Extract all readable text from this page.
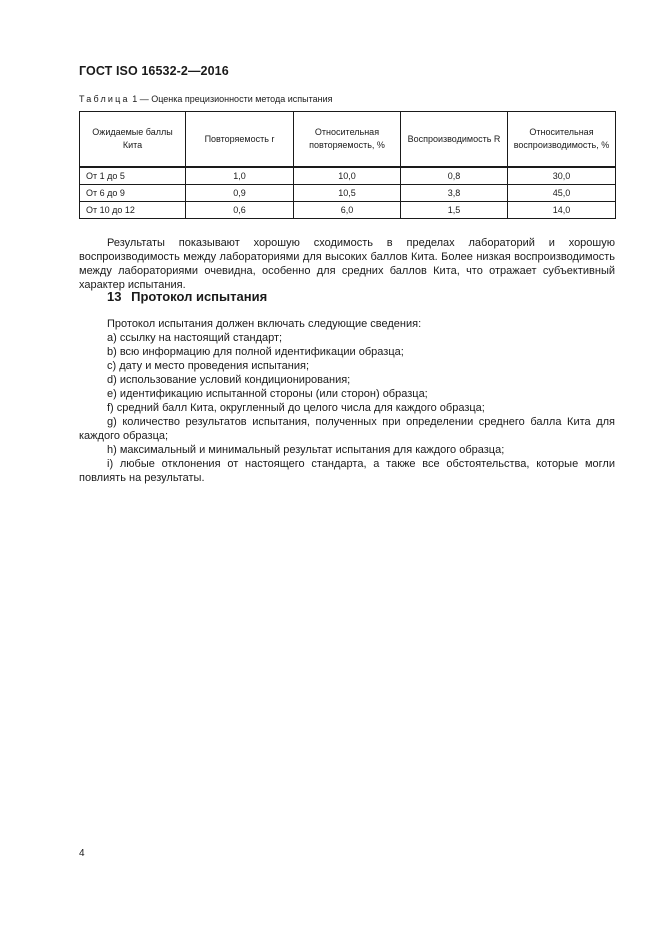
ГОСТ ISO 16532-2—2016
Таблица 1 — Оценка прецизионности метода испытания
Ожидаемые баллы Кита	Повторяемость r	Относительная повторяемость, %	Воспроизводимость R	Относительная воспроизводимость, %
От 1 до 5	1,0	10,0	0,8	30,0
От 6 до 9	0,9	10,5	3,8	45,0
От 10 до 12	0,6	6,0	1,5	14,0

Результаты показывают хорошую сходимость в пределах лабораторий и хорошую воспроизводимость между лабораториями для высоких баллов Кита. Более низкая воспроизводимость между лабораториями очевидна, особенно для средних баллов Кита, что отражает субъективный характер испытания.

13 Протокол испытания

Протокол испытания должен включать следующие сведения:

a) ссылку на настоящий стандарт;

b) всю информацию для полной идентификации образца;

c) дату и место проведения испытания;

d) использование условий кондиционирования;

e) идентификацию испытанной стороны (или сторон) образца;

f) средний балл Кита, округленный до целого числа для каждого образца;

g) количество результатов испытания, полученных при определении среднего балла Кита для каждого образца;

h) максимальный и минимальный результат испытания для каждого образца;

i) любые отклонения от настоящего стандарта, а также все обстоятельства, которые могли повлиять на результаты.

4
